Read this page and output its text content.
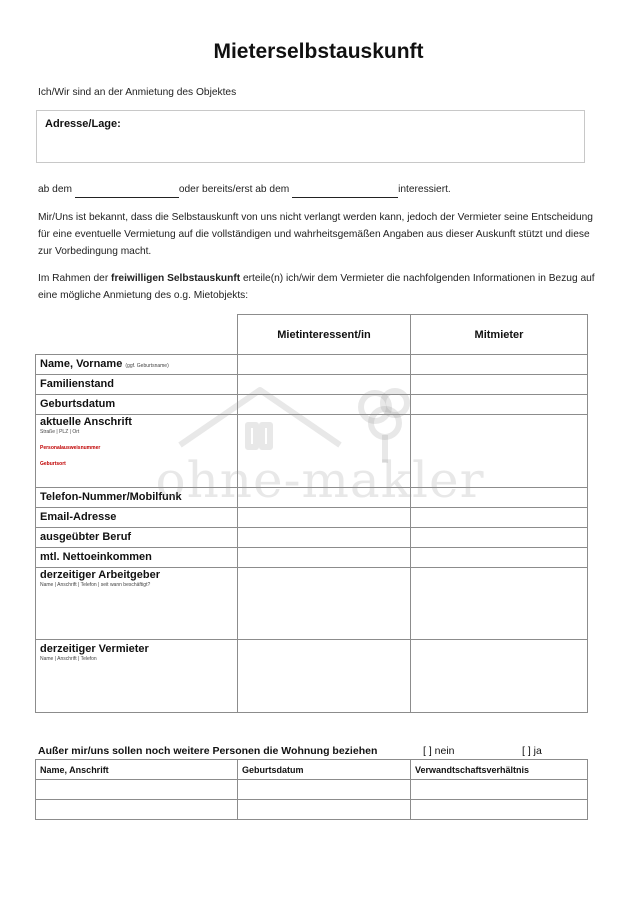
Mieterselbstauskunft
Ich/Wir sind an der Anmietung des Objektes
Adresse/Lage:
ab dem	oder bereits/erst ab dem	interessiert.
Mir/Uns ist bekannt, dass die Selbstauskunft von uns nicht verlangt werden kann, jedoch der Vermieter seine Entscheidung für eine eventuelle Vermietung auf die vollständigen und wahrheitsgemäßen Angaben aus dieser Auskunft stützt und diese zur Vorbedingung macht.
Im Rahmen der freiwilligen Selbstauskunft erteile(n) ich/wir dem Vermieter die nachfolgenden Informationen in Bezug auf eine mögliche Anmietung des o.g. Mietobjekts:
	Mietinteressent/in	Mitmieter
Name, Vorname (ggf. Geburtsname)		
Familienstand		
Geburtsdatum		
aktuelle Anschrift
Straße | PLZ | Ort
Personalausweisnummer
Geburtsort		

Telefon-Nummer/Mobilfunk		
Email-Adresse		
ausgeübter Beruf		
mtl. Nettoeinkommen		
derzeitiger Arbeitgeber
Name | Anschrift | Telefon | seit wann beschäftigt?		

derzeitiger Vermieter
Name | Anschrift | Telefon		

ohne-makler
Außer mir/uns sollen noch weitere Personen die Wohnung beziehen	[ ] nein	[ ] ja
Name, Anschrift	Geburtsdatum	Verwandtschaftsverhältnis
